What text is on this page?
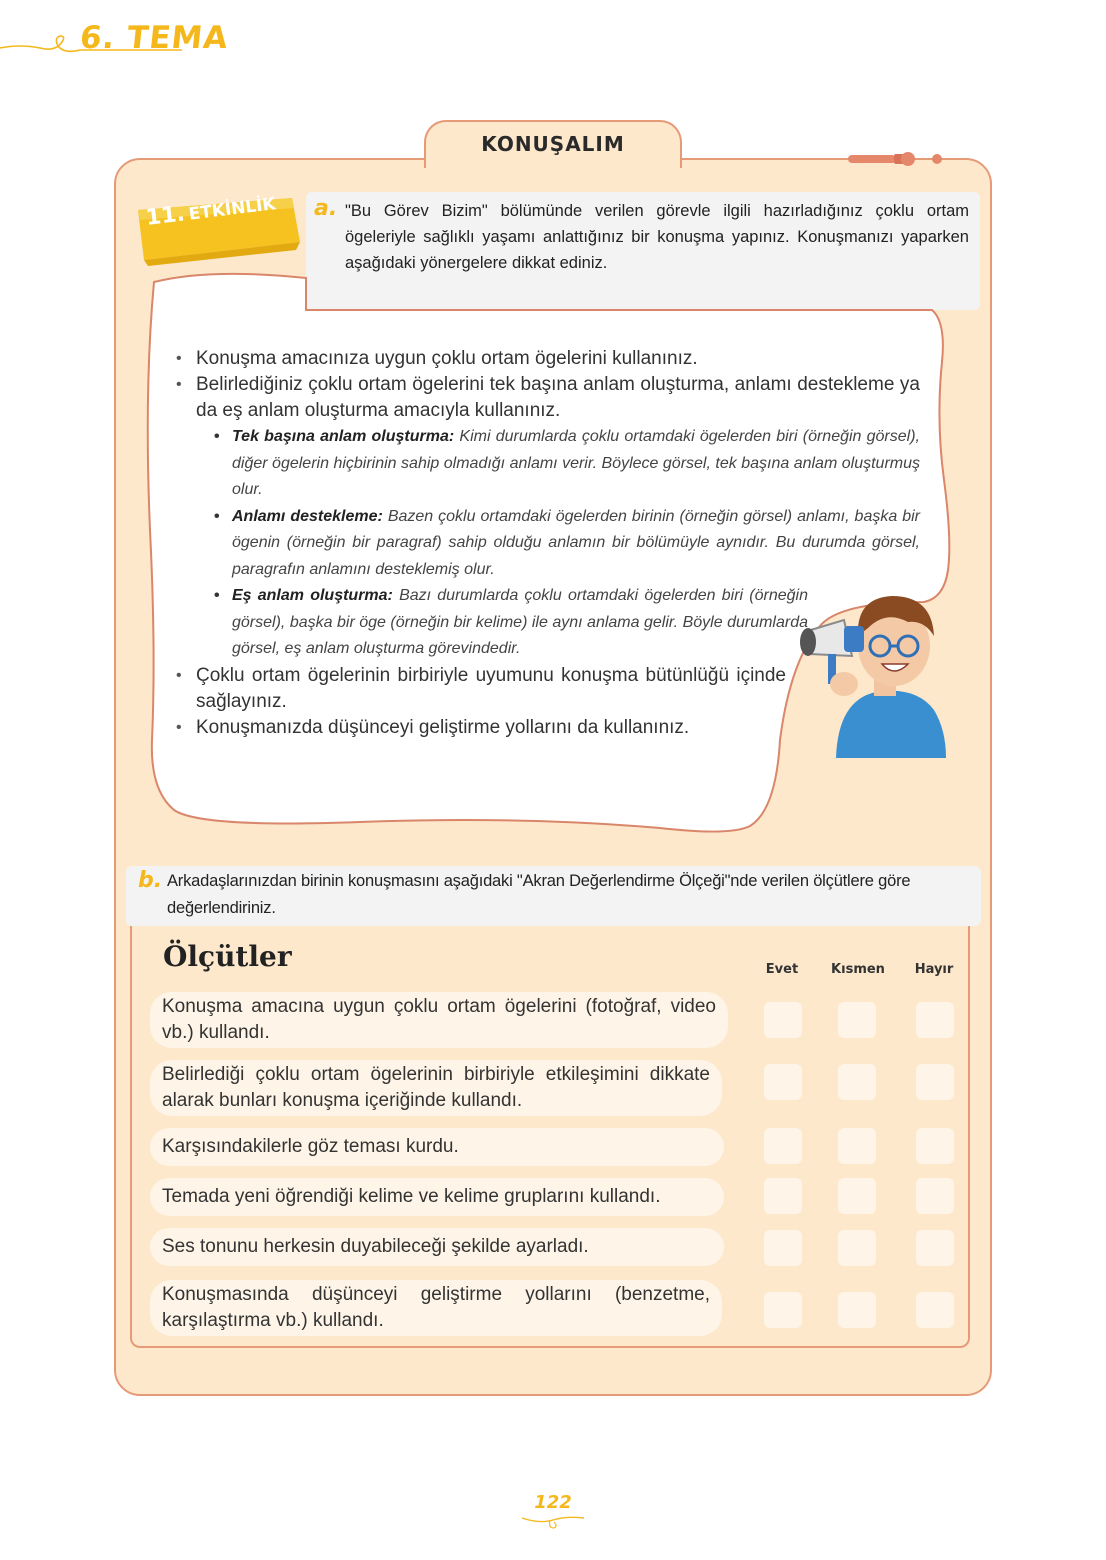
6. TEMA
KONUŞALIM
11.ETKİNLİK a. "Bu Görev Bizim" bölümünde verilen görevle ilgili hazırladığınız çoklu ortam ögeleriyle sağlıklı yaşamı anlattığınız bir konuşma yapınız. Konuşmanızı yaparken aşağıdaki yönergelere dikkat ediniz.
• Konuşma amacınıza uygun çoklu ortam ögelerini kullanınız.
• Belirlediğiniz çoklu ortam ögelerini tek başına anlam oluşturma, anlamı destekleme ya da eş anlam oluşturma amacıyla kullanınız.
• Tek başına anlam oluşturma: Kimi durumlarda çoklu ortamdaki ögelerden biri (örneğin görsel), diğer ögelerin hiçbirinin sahip olmadığı anlamı verir. Böylece görsel, tek başına anlam oluşturmuş olur.
• Anlamı destekleme: Bazen çoklu ortamdaki ögelerden birinin (örneğin görsel) anlamı, başka bir ögenin (örneğin bir paragraf) sahip olduğu anlamın bir bölümüyle aynıdır. Bu durumda görsel, paragrafın anlamını desteklemiş olur.
• Eş anlam oluşturma: Bazı durumlarda çoklu ortamdaki ögelerden biri (örneğin görsel), başka bir öge (örneğin bir kelime) ile aynı anlama gelir. Böyle durumlarda görsel, eş anlam oluşturma görevindedir.
• Çoklu ortam ögelerinin birbiriyle uyumunu konuşma bütünlüğü içinde sağlayınız.
• Konuşmanızda düşünceyi geliştirme yollarını da kullanınız.
b. Arkadaşlarınızdan birinin konuşmasını aşağıdaki "Akran Değerlendirme Ölçeği"nde verilen ölçütlere göre değerlendiriniz.
Ölçütler	Evet	Kısmen	Hayır
Konuşma amacına uygun çoklu ortam ögelerini (fotoğraf, video vb.) kullandı.
Belirlediği çoklu ortam ögelerinin birbiriyle etkileşimini dikkate alarak bunları konuşma içeriğinde kullandı.
Karşısındakilerle göz teması kurdu.
Temada yeni öğrendiği kelime ve kelime gruplarını kullandı.
Ses tonunu herkesin duyabileceği şekilde ayarladı.
Konuşmasında düşünceyi geliştirme yollarını (benzetme, karşılaştırma vb.) kullandı.
122
